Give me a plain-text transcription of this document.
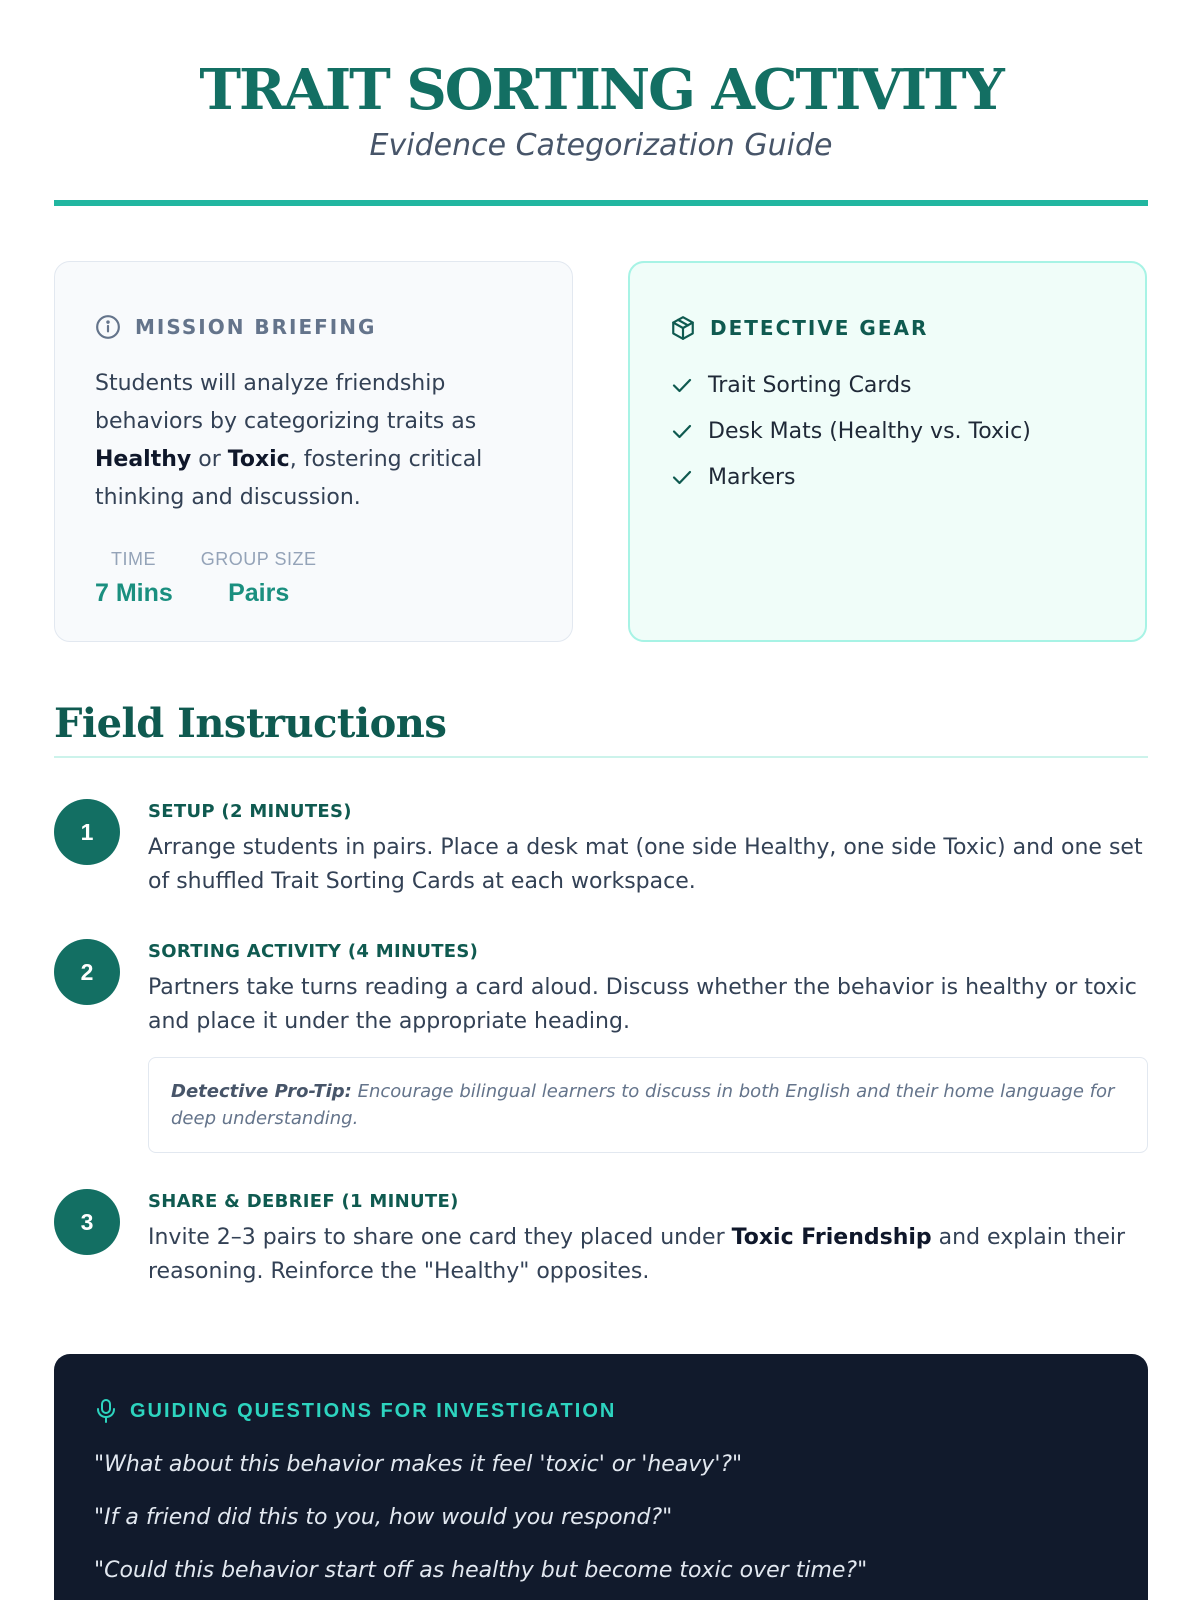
TRAIT SORTING ACTIVITY
Evidence Categorization Guide
MISSION BRIEFING

Students will analyze friendship behaviors by categorizing traits as Healthy or Toxic, fostering critical thinking and discussion.

TIME
7 Mins
GROUP SIZE
Pairs
DETECTIVE GEAR
Trait Sorting Cards
Desk Mats (Healthy vs. Toxic)
Markers
Field Instructions
1
SETUP (2 MINUTES)

Arrange students in pairs. Place a desk mat (one side Healthy, one side Toxic) and one set of shuffled Trait Sorting Cards at each workspace.

2
SORTING ACTIVITY (4 MINUTES)

Partners take turns reading a card aloud. Discuss whether the behavior is healthy or toxic and place it under the appropriate heading.

Detective Pro-Tip: Encourage bilingual learners to discuss in both English and their home language for deep understanding.
3
SHARE & DEBRIEF (1 MINUTE)

Invite 2–3 pairs to share one card they placed under Toxic Friendship and explain their reasoning. Reinforce the "Healthy" opposites.

GUIDING QUESTIONS FOR INVESTIGATION
"What about this behavior makes it feel 'toxic' or 'heavy'?"
"If a friend did this to you, how would you respond?"
"Could this behavior start off as healthy but become toxic over time?"
